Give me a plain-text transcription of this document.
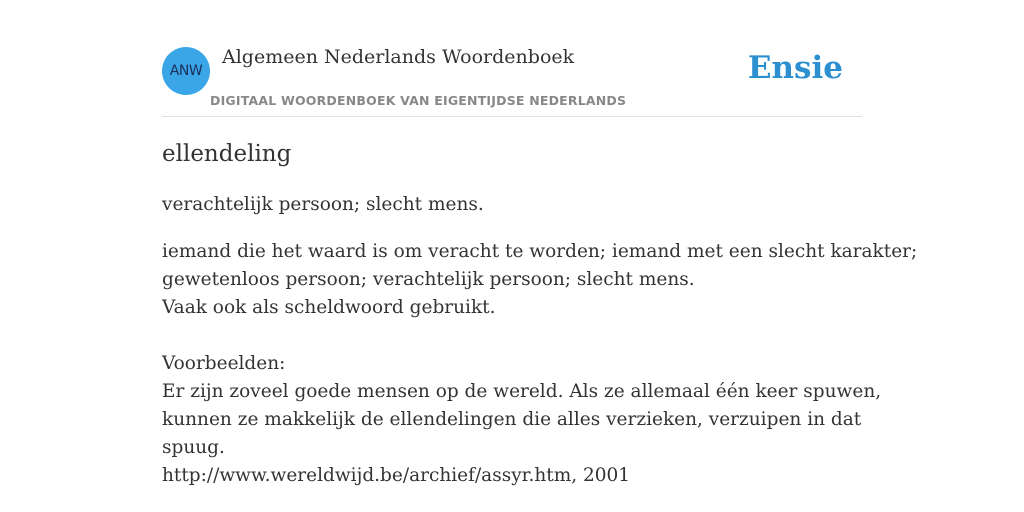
ANW
Algemeen Nederlands Woordenboek
DIGITAAL WOORDENBOEK VAN EIGENTIJDSE NEDERLANDS
Ensie
ellendeling

verachtelijk persoon; slecht mens.

iemand die het waard is om veracht te worden; iemand met een slecht karakter;
gewetenloos persoon; verachtelijk persoon; slecht mens.
Vaak ook als scheldwoord gebruikt.
Voorbeelden:
Er zijn zoveel goede mensen op de wereld. Als ze allemaal één keer spuwen,
kunnen ze makkelijk de ellendelingen die alles verzieken, verzuipen in dat
spuug.
http://www.wereldwijd.be/archief/assyr.htm, 2001
